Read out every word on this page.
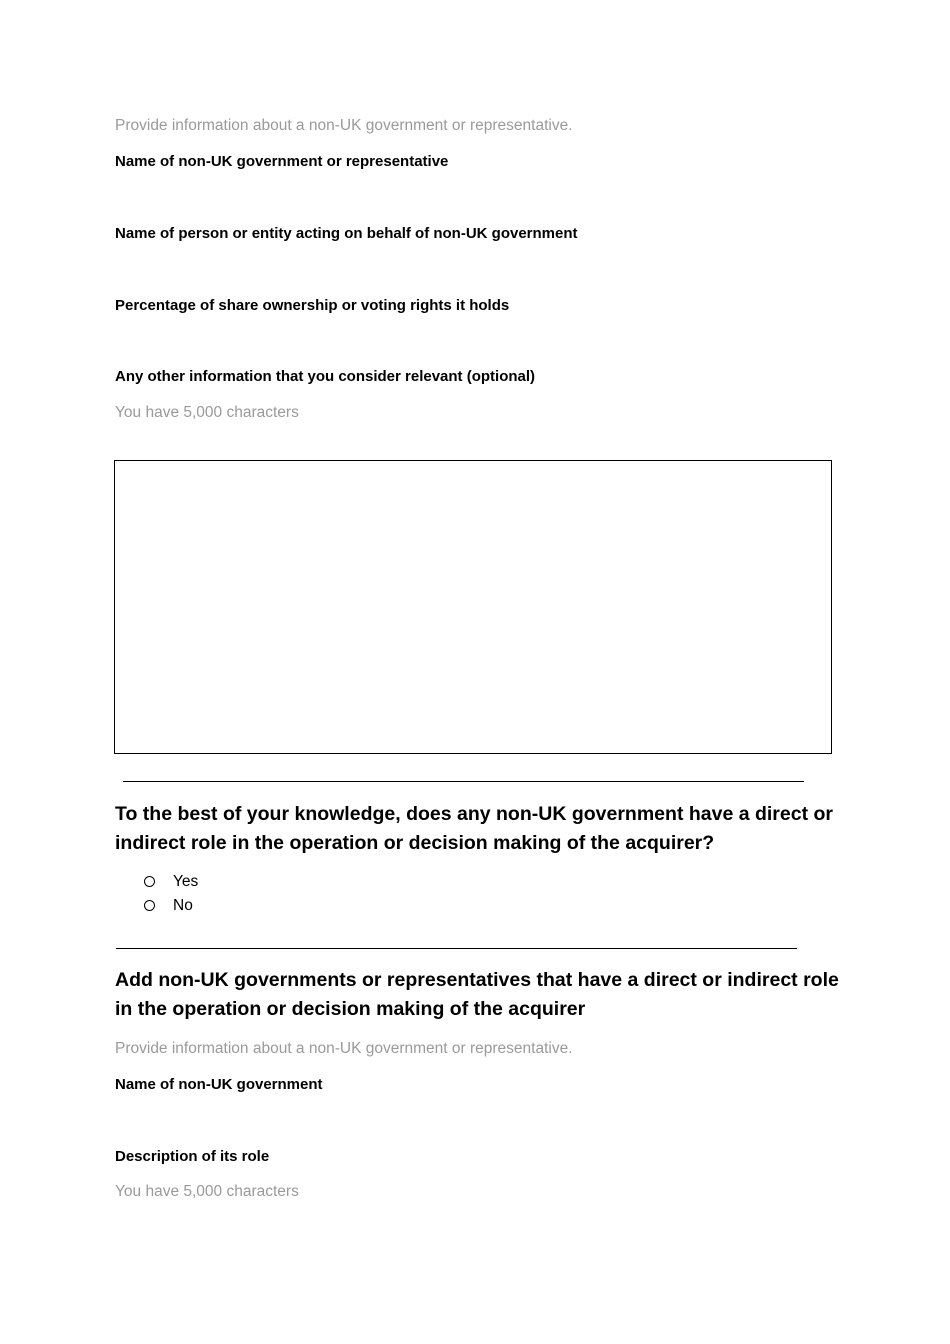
Provide information about a non-UK government or representative.
Name of non-UK government or representative
Name of person or entity acting on behalf of non-UK government
Percentage of share ownership or voting rights it holds
Any other information that you consider relevant (optional)
You have 5,000 characters
To the best of your knowledge, does any non-UK government have a direct or indirect role in the operation or decision making of the acquirer?
Yes
No
Add non-UK governments or representatives that have a direct or indirect role in the operation or decision making of the acquirer
Provide information about a non-UK government or representative.
Name of non-UK government
Description of its role
You have 5,000 characters
